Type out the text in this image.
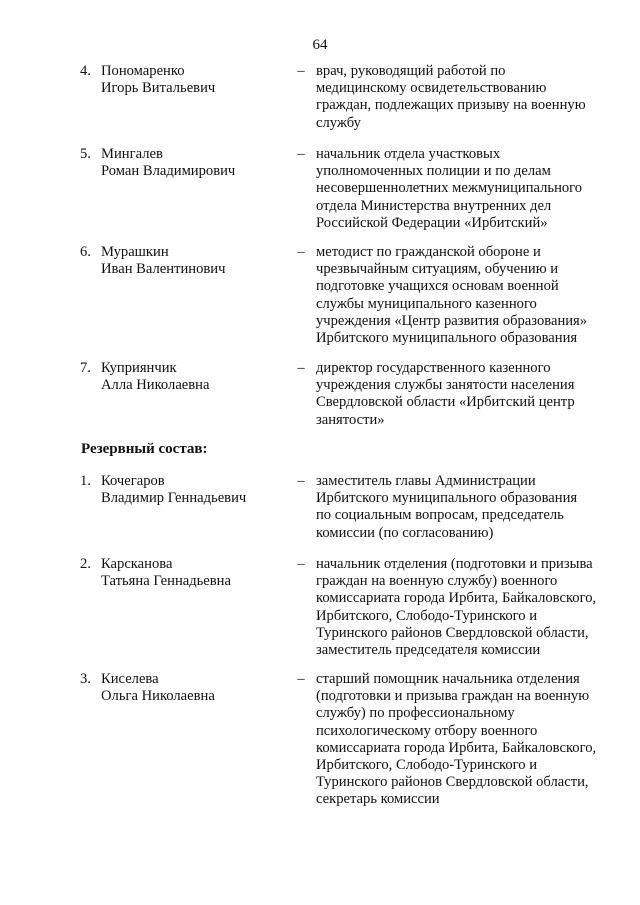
64
4. Пономаренко
Игорь Витальевич
– врач, руководящий работой по
медицинскому освидетельствованию
граждан, подлежащих призыву на военную
службу
5. Мингалев
Роман Владимирович
– начальник отдела участковых
уполномоченных полиции и по делам
несовершеннолетних межмуниципального
отдела Министерства внутренних дел
Российской Федерации «Ирбитский»
6. Мурашкин
Иван Валентинович
– методист по гражданской обороне и
чрезвычайным ситуациям, обучению и
подготовке учащихся основам военной
службы муниципального казенного
учреждения «Центр развития образования»
Ирбитского муниципального образования
7. Куприянчик
Алла Николаевна
– директор государственного казенного
учреждения службы занятости населения
Свердловской области «Ирбитский центр
занятости»
Резервный состав:
1. Кочегаров
Владимир Геннадьевич
– заместитель главы Администрации
Ирбитского муниципального образования
по социальным вопросам, председатель
комиссии (по согласованию)
2. Карсканова
Татьяна Геннадьевна
– начальник отделения (подготовки и призыва
граждан на военную службу) военного
комиссариата города Ирбита, Байкаловского,
Ирбитского, Слободо-Туринского и
Туринского районов Свердловской области,
заместитель председателя комиссии
3. Киселева
Ольга Николаевна
– старший помощник начальника отделения
(подготовки и призыва граждан на военную
службу) по профессиональному
психологическому отбору военного
комиссариата города Ирбита, Байкаловского,
Ирбитского, Слободо-Туринского и
Туринского районов Свердловской области,
секретарь комиссии
